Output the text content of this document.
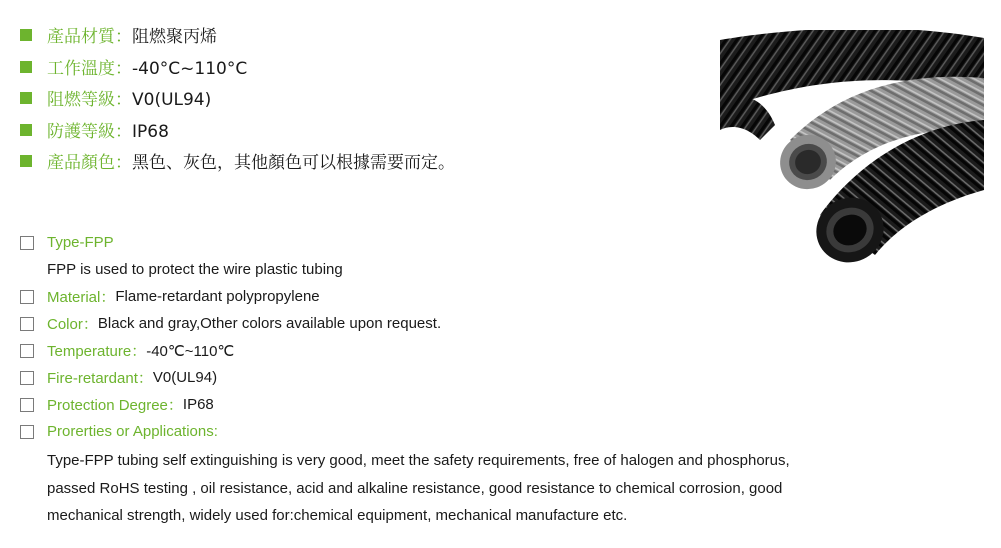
產品材質： 阻燃聚丙烯
工作溫度： -40°C~110°C
阻燃等級： V0(UL94)
防護等級： IP68
產品顏色： 黑色、灰色，其他顏色可以根據需要而定。
Type-FPP
FPP is used to protect the wire plastic tubing
Material： Flame-retardant polypropylene
Color： Black and gray,Other colors available upon request.
Temperature： -40℃~110℃
Fire-retardant： V0(UL94)
Protection Degree： IP68
Prorerties or Applications:
Type-FPP tubing self extinguishing is very good, meet the safety requirements, free of halogen and phosphorus,
passed RoHS testing , oil resistance, acid and alkaline resistance, good resistance to chemical corrosion, good
mechanical strength, widely used for:chemical equipment, mechanical manufacture etc.
